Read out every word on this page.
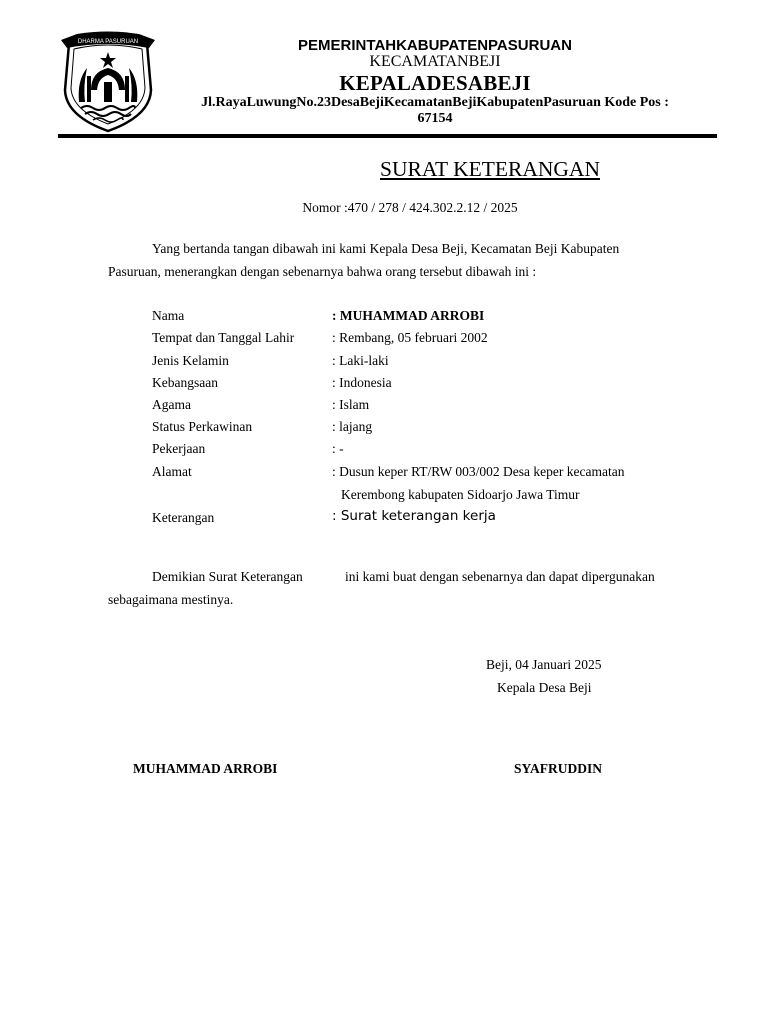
DHARMA PASURUAN	PEMERINTAHKABUPATENPASURUAN
KECAMATANBEJI
KEPALADESABEJI
Jl.RayaLuwungNo.23DesaBejiKecamatanBejiKabupatenPasuruan Kode Pos :
67154
SURAT KETERANGAN
Nomor :470 / 278 / 424.302.2.12 / 2025
Yang bertanda tangan dibawah ini kami Kepala Desa Beji, Kecamatan Beji Kabupaten
Pasuruan, menerangkan dengan sebenarnya bahwa orang tersebut dibawah ini :
Nama	: MUHAMMAD ARROBI
Tempat dan Tanggal Lahir	: Rembang, 05 februari 2002
Jenis Kelamin	: Laki-laki
Kebangsaan	: Indonesia
Agama	: Islam
Status Perkawinan	: lajang
Pekerjaan	: -
Alamat	: Dusun keper RT/RW 003/002 Desa keper kecamatan
Kerembong kabupaten Sidoarjo Jawa Timur
Keterangan	: Surat keterangan kerja
Demikian Surat Keterangan	ini kami buat dengan sebenarnya dan dapat dipergunakan
sebagaimana mestinya.
Beji, 04 Januari 2025
Kepala Desa Beji
MUHAMMAD ARROBI	SYAFRUDDIN
